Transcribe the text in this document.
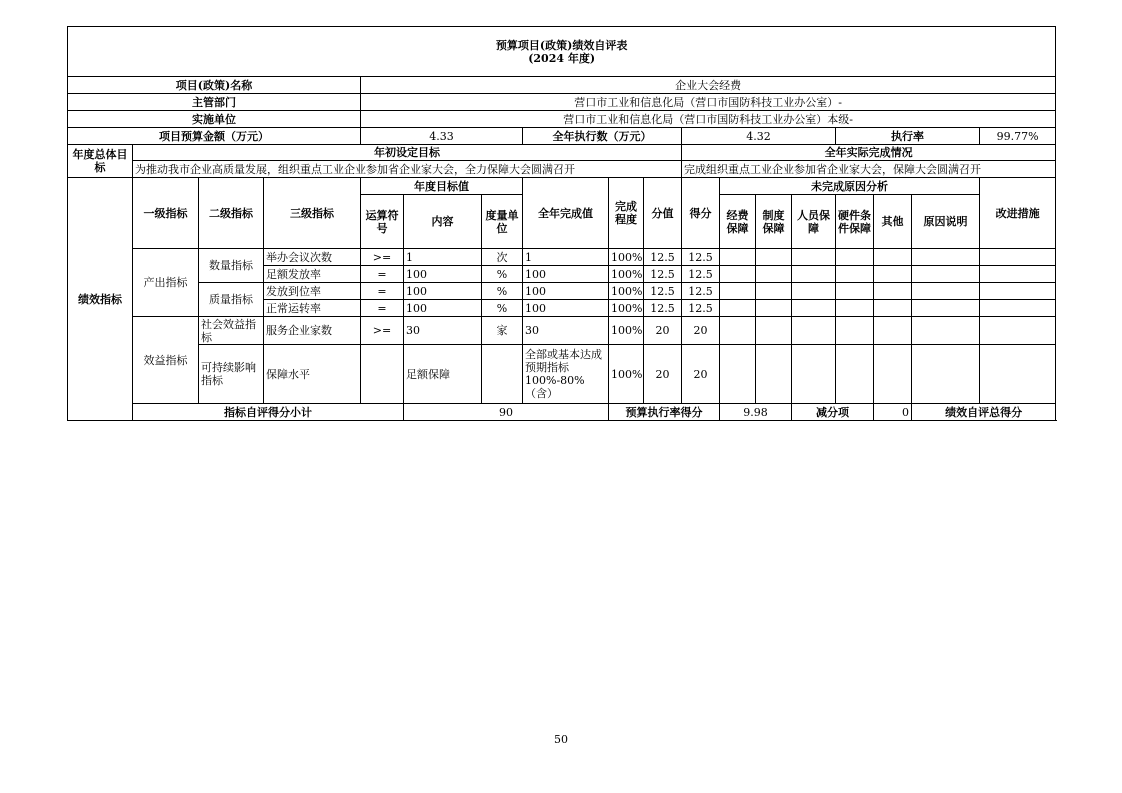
预算项目(政策)绩效自评表
(2024 年度)																		

项目(政策)名称				企业大会经费														
主管部门				营口市工业和信息化局（营口市国防科技工业办公室）-														
实施单位				营口市工业和信息化局（营口市国防科技工业办公室）本级-														
项目预算金额（万元）				4.33			全年执行数（万元）			4.32				执行率			99.77%	
年度总体目标	年初设定目标									全年实际完成情况								
	为推动我市企业高质量发展，组织重点工业企业参加省企业家大会，全力保障大会圆满召开									完成组织重点工业企业参加省企业家大会，保障大会圆满召开								
绩效指标	一级指标	二级指标	三级指标	年度目标值			全年完成值	完成程度	分值	得分	未完成原因分析						改进措施	
				运算符号	内容	度量单位					经费保障	制度保障	人员保障	硬件条件保障	其他	原因说明		
	产出指标	数量指标	举办会议次数	>=	1	次	1	100%	12.5	12.5								
			足额发放率	=	100	%	100	100%	12.5	12.5								
		质量指标	发放到位率	=	100	%	100	100%	12.5	12.5								
			正常运转率	=	100	%	100	100%	12.5	12.5								
	效益指标	社会效益指标	服务企业家数	>=	30	家	30	100%	20	20								
		可持续影响指标	保障水平		足额保障		全部或基本达成预期指标100%-80%（含）	100%	20	20								
	指标自评得分小计				90			预算执行率得分			9.98		减分项		0	绩效自评总得分	
50
